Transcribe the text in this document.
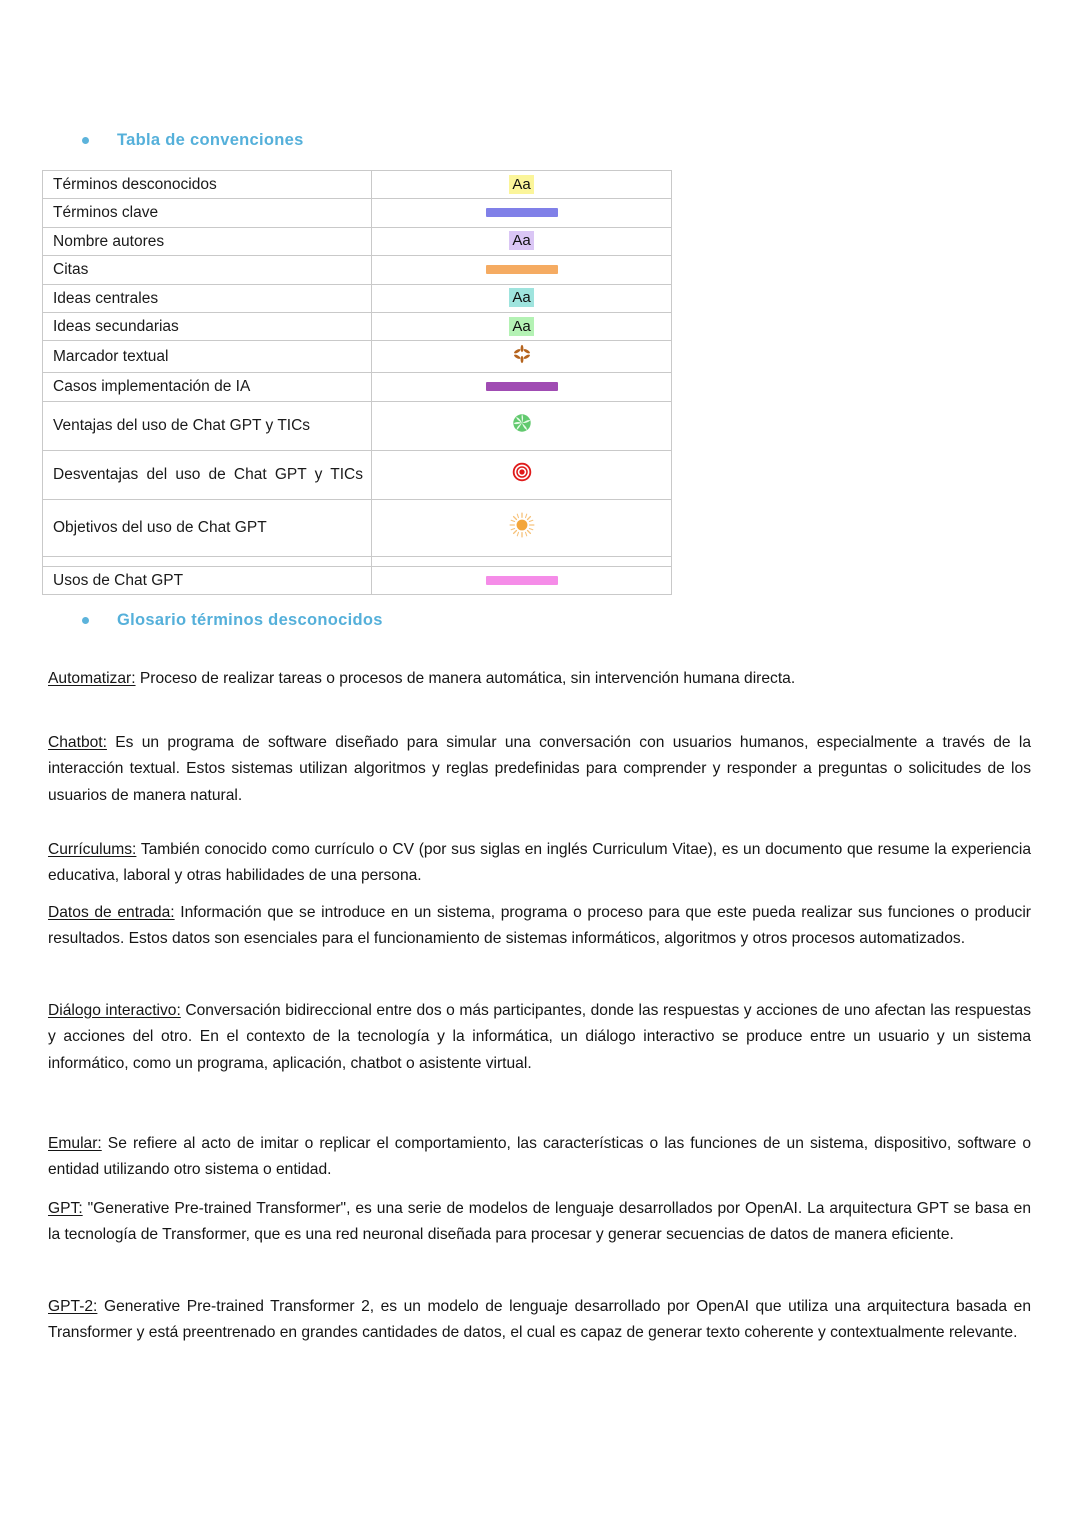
Tabla de convenciones
Términos desconocidos	Aa
Términos clave	
Nombre autores	Aa
Citas	
Ideas centrales	Aa
Ideas secundarias	Aa
Marcador textual	
Casos implementación de IA	
Ventajas del uso de Chat GPT y TICs	
Desventajas del uso de Chat GPT y TICs	
Objetivos del uso de Chat GPT	

Usos de Chat GPT	
Glosario términos desconocidos

Automatizar: Proceso de realizar tareas o procesos de manera automática, sin intervención humana directa.

Chatbot: Es un programa de software diseñado para simular una conversación con usuarios humanos, especialmente a través de la interacción textual. Estos sistemas utilizan algoritmos y reglas predefinidas para comprender y responder a preguntas o solicitudes de los usuarios de manera natural.

Currículums: También conocido como currículo o CV (por sus siglas en inglés Curriculum Vitae), es un documento que resume la experiencia educativa, laboral y otras habilidades de una persona.

Datos de entrada: Información que se introduce en un sistema, programa o proceso para que este pueda realizar sus funciones o producir resultados. Estos datos son esenciales para el funcionamiento de sistemas informáticos, algoritmos y otros procesos automatizados.

Diálogo interactivo: Conversación bidireccional entre dos o más participantes, donde las respuestas y acciones de uno afectan las respuestas y acciones del otro. En el contexto de la tecnología y la informática, un diálogo interactivo se produce entre un usuario y un sistema informático, como un programa, aplicación, chatbot o asistente virtual.

Emular: Se refiere al acto de imitar o replicar el comportamiento, las características o las funciones de un sistema, dispositivo, software o entidad utilizando otro sistema o entidad.

GPT: "Generative Pre-trained Transformer", es una serie de modelos de lenguaje desarrollados por OpenAI. La arquitectura GPT se basa en la tecnología de Transformer, que es una red neuronal diseñada para procesar y generar secuencias de datos de manera eficiente.

GPT-2: Generative Pre-trained Transformer 2, es un modelo de lenguaje desarrollado por OpenAI que utiliza una arquitectura basada en Transformer y está preentrenado en grandes cantidades de datos, el cual es capaz de generar texto coherente y contextualmente relevante.
